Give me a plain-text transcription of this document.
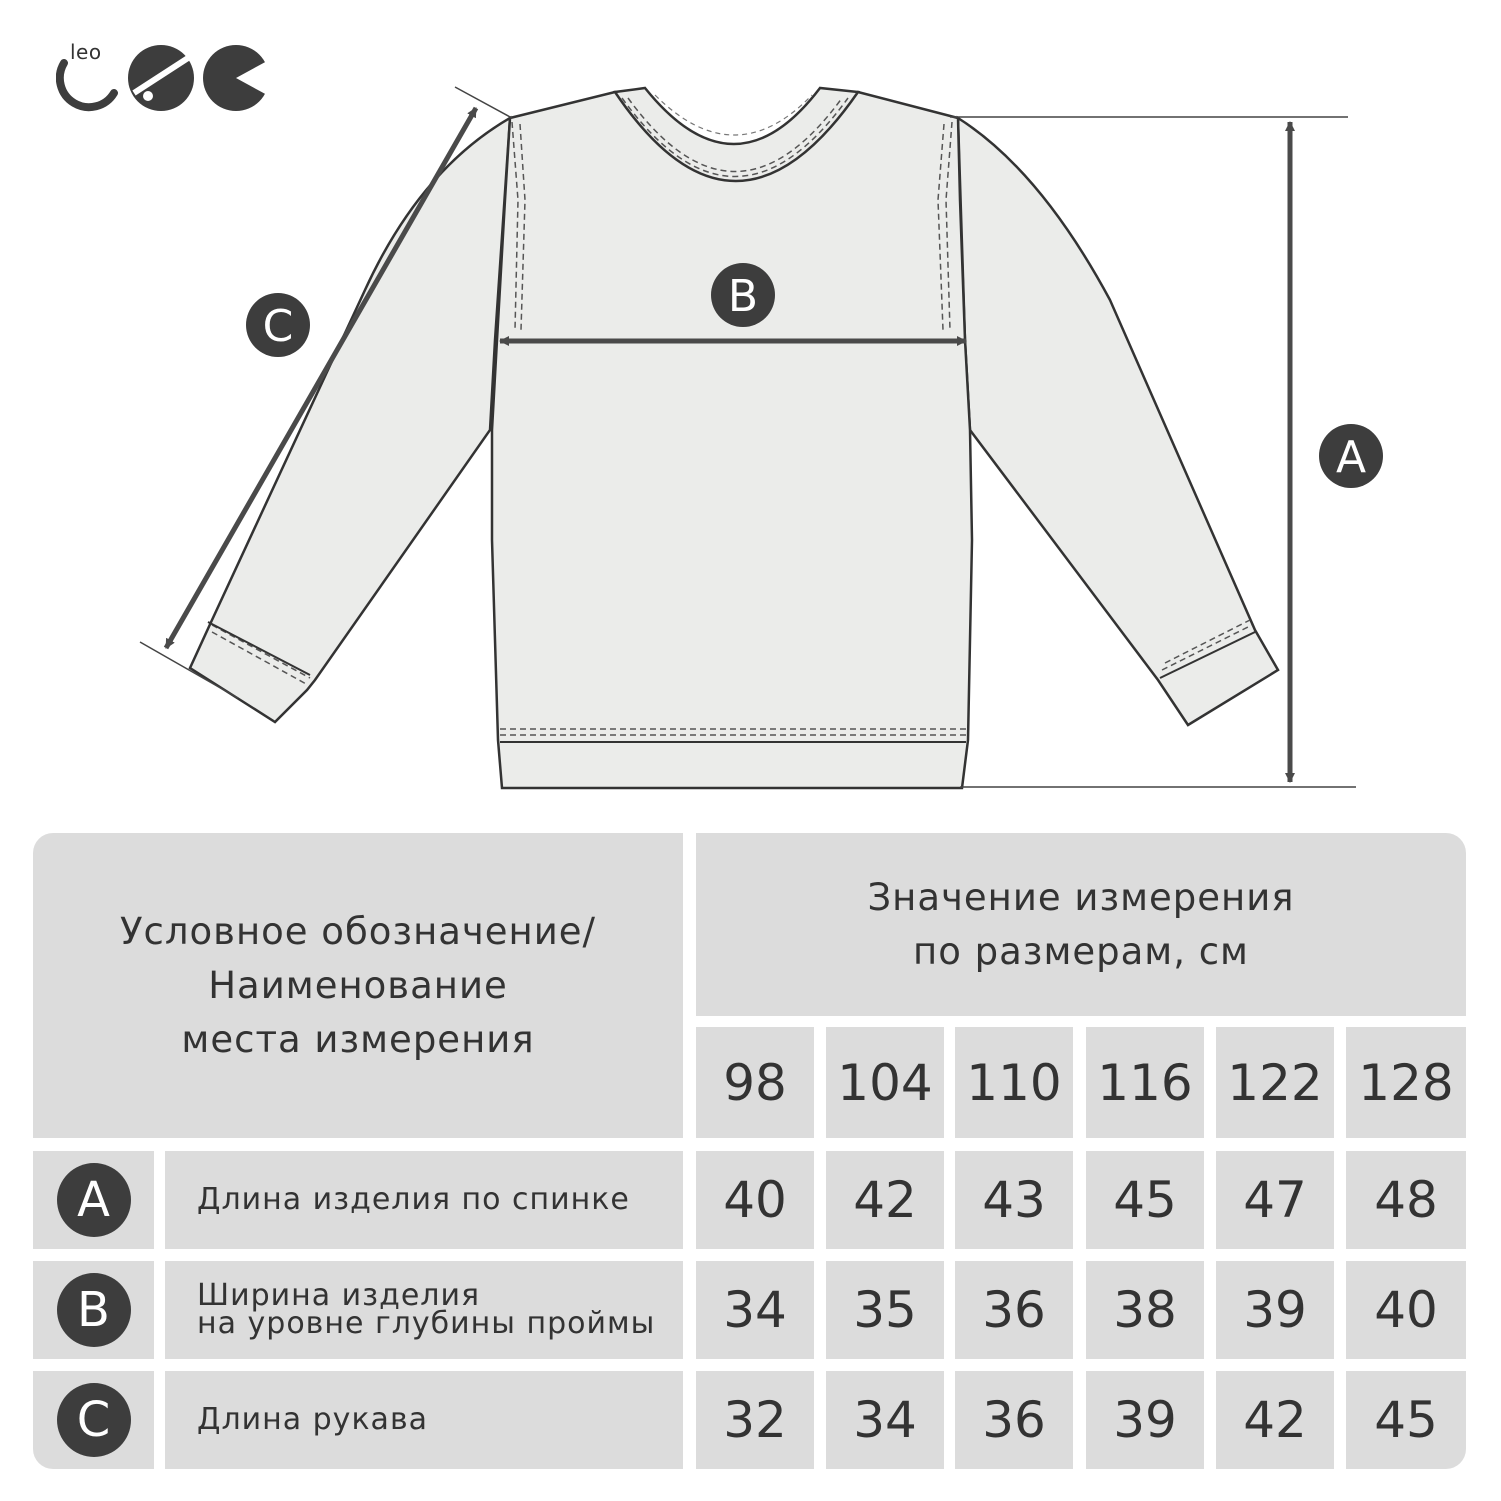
leo
A
B
C
Условное обозначение/
Наименование
места измерения
Значение измерения
по размерам, см
98	104 110 116 122 128
A	Длина изделия по спинке	40	42	43	45	47	48
B	Ширина изделия
на уровне глубины проймы	34	35	36	38	39	40
C	Длина рукава	32	34	36	39	42	45
